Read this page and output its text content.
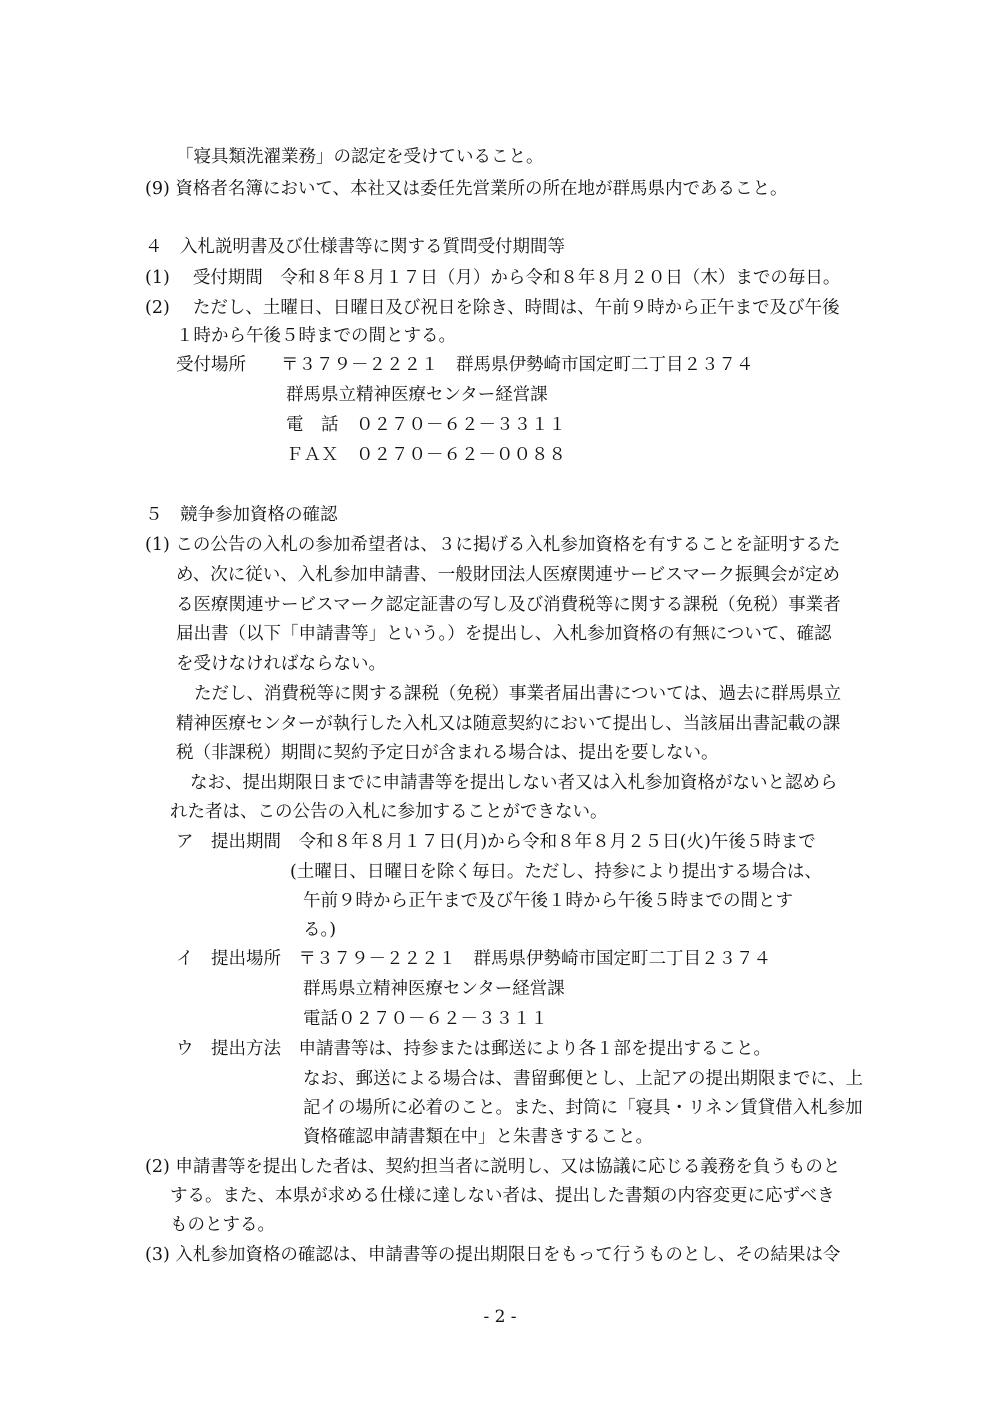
「寝具類洗濯業務」の認定を受けていること。
(9) 資格者名簿において、本社又は委任先営業所の所在地が群馬県内であること。
４　入札説明書及び仕様書等に関する質問受付期間等
(1)　 受付期間　令和８年８月１７日（月）から令和８年８月２０日（木）までの毎日。
(2)　 ただし、土曜日、日曜日及び祝日を除き、時間は、午前９時から正午まで及び午後
１時から午後５時までの間とする。
受付場所　　〒３７９－２２２１　群馬県伊勢崎市国定町二丁目２３７４
群馬県立精神医療センター経営課
電　話　０２７０－６２－３３１１
ＦＡＸ　０２７０－６２－００８８
５　競争参加資格の確認
(1) この公告の入札の参加希望者は、３に掲げる入札参加資格を有することを証明するた
め、次に従い、入札参加申請書、一般財団法人医療関連サービスマーク振興会が定め
る医療関連サービスマーク認定証書の写し及び消費税等に関する課税（免税）事業者
届出書（以下「申請書等」という。）を提出し、入札参加資格の有無について、確認
を受けなければならない。
ただし、消費税等に関する課税（免税）事業者届出書については、過去に群馬県立
精神医療センターが執行した入札又は随意契約において提出し、当該届出書記載の課
税（非課税）期間に契約予定日が含まれる場合は、提出を要しない。
なお、提出期限日までに申請書等を提出しない者又は入札参加資格がないと認めら
れた者は、この公告の入札に参加することができない。
ア　提出期間　令和８年８月１７日(月)から令和８年８月２５日(火)午後５時まで
(土曜日、日曜日を除く毎日。ただし、持参により提出する場合は、
午前９時から正午まで及び午後１時から午後５時までの間とす
る。)
イ　提出場所　〒３７９－２２２１　群馬県伊勢崎市国定町二丁目２３７４
群馬県立精神医療センター経営課
電話０２７０－６２－３３１１
ウ　提出方法　申請書等は、持参または郵送により各１部を提出すること。
なお、郵送による場合は、書留郵便とし、上記アの提出期限までに、上
記イの場所に必着のこと。また、封筒に「寝具・リネン賃貸借入札参加
資格確認申請書類在中」と朱書きすること。
(2) 申請書等を提出した者は、契約担当者に説明し、又は協議に応じる義務を負うものと
する。また、本県が求める仕様に達しない者は、提出した書類の内容変更に応ずべき
ものとする。
(3) 入札参加資格の確認は、申請書等の提出期限日をもって行うものとし、その結果は令
- 2 -
